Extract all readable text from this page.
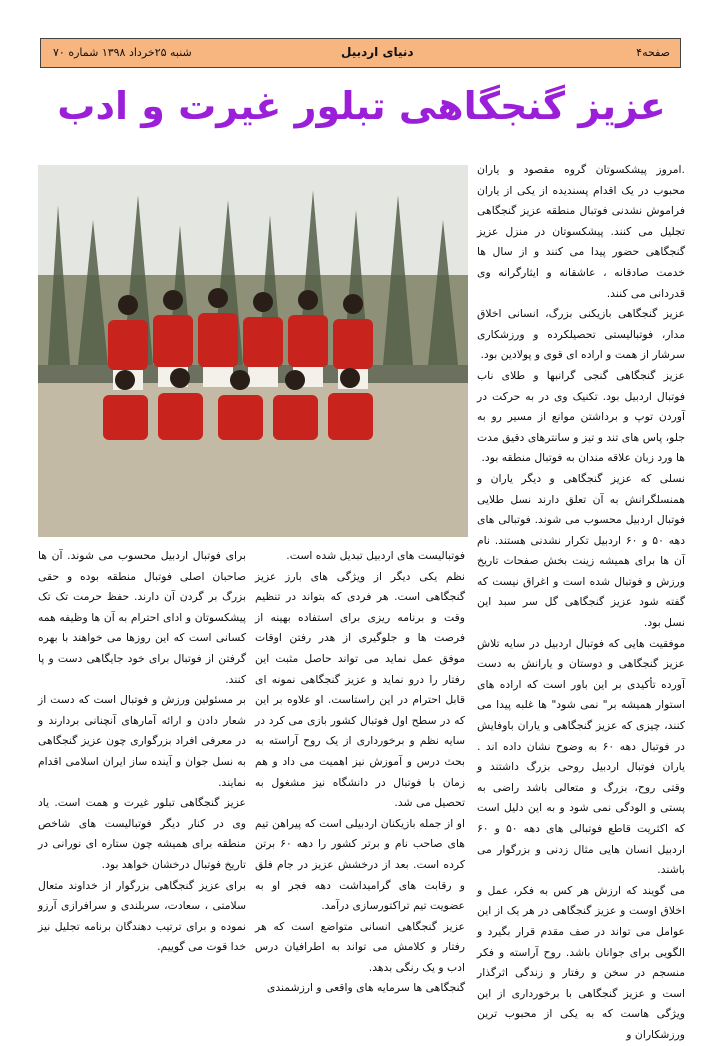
شنبه ۲۵خرداد ۱۳۹۸ شماره ۷۰	دنیای اردبیل	صفحه۴
عزیز گنجگاهی تبلور غیرت و ادب

.امروز پیشکسوتان گروه مقصود و یاران محبوب در یک اقدام پسندیده از یکی از یاران فراموش نشدنی فوتبال منطقه عزیز گنجگاهی تجلیل می کنند. پیشکسوتان در منزل عزیز گنجگاهی حضور پیدا می کنند و از سال ها خدمت صادقانه ، عاشقانه و ایثارگرانه وی قدردانی می کنند.

عزیز گنجگاهی بازیکنی بزرگ، انسانی اخلاق مدار، فوتبالیستی تحصیلکرده و ورزشکاری سرشار از همت و اراده ای قوی و پولادین بود.

عزیز گنجگاهی گنجی گرانبها و طلای ناب فوتبال اردبیل بود. تکنیک وی در به حرکت در آوردن توپ و برداشتن موانع از مسیر رو به جلو، پاس های تند و تیز و سانترهای دقیق مدت ها ورد زبان علاقه مندان به فوتبال منطقه بود.

نسلی که عزیز گنجگاهی و دیگر یاران و همنسلگرانش به آن تعلق دارند نسل طلایی فوتبال اردبیل محسوب می شوند. فوتبالی های دهه ۵۰ و ۶۰ اردبیل تکرار نشدنی هستند. نام آن ها برای همیشه زینت بخش صفحات تاریخ ورزش و فوتبال شده است و اغراق نیست که گفته شود عزیز گنجگاهی گل سر سبد این نسل بود.

موفقیت هایی که فوتبال اردبیل در سایه تلاش عزیز گنجگاهی و دوستان و یارانش به دست آورده تأکیدی بر این باور است که اراده های استوار همیشه بر" نمی شود" ها غلبه پیدا می کنند، چیزی که عزیز گنجگاهی و یاران باوفایش در فوتبال دهه ۶۰ به وضوح نشان داده اند . یاران فوتبال اردبیل روحی بزرگ داشتند و وقتی روح، بزرگ و متعالی باشد راضی به پستی و الودگی نمی شود و به این دلیل است که اکثریت قاطع فوتبالی های دهه ۵۰ و ۶۰ اردبیل انسان هایی مثال زدنی و بزرگوار می باشند.

می گویند که ارزش هر کس به فکر، عمل و اخلاق اوست و عزیز گنجگاهی در هر یک از این عوامل می تواند در صف مقدم قرار بگیرد و الگویی برای جوانان باشد. روح آراسته و فکر منسجم در سخن و رفتار و زندگی اثرگذار است و عزیز گنجگاهی با برخورداری از این ویژگی هاست که به یکی از محبوب ترین ورزشکاران و

فوتبالیست های اردبیل تبدیل شده است.

نظم یکی دیگر از ویژگی های بارز عزیز گنجگاهی است. هر فردی که بتواند در تنظیم وقت و برنامه ریزی برای استفاده بهینه از فرصت ها و جلوگیری از هدر رفتن اوقات موفق عمل نماید می تواند حاصل مثبت این رفتار را درو نماید و عزیز گنجگاهی نمونه ای قابل احترام در این راستاست. او علاوه بر این که در سطح اول فوتبال کشور بازی می کرد در سایه نظم و برخورداری از یک روح آراسته به بحث درس و آموزش نیز اهمیت می داد و هم زمان با فوتبال در دانشگاه نیز مشغول به تحصیل می شد.

او از جمله بازیکنان اردبیلی است که پیراهن تیم های صاحب نام و برتر کشور را دهه ۶۰ برتن کرده است. بعد از درخشش عزیز در جام فلق و رقابت های گرامیداشت دهه فجر او به عضویت تیم تراکتورسازی درآمد.

عزیز گنجگاهی انسانی متواضع است که هر رفتار و کلامش می تواند به اطرافیان درس ادب و یک رنگی بدهد.

گنجگاهی ها سرمایه های واقعی و ارزشمندی

برای فوتبال اردبیل محسوب می شوند. آن ها صاحبان اصلی فوتبال منطقه بوده و حقی بزرگ بر گردن آن دارند. حفظ حرمت تک تک پیشکسوتان و ادای احترام به آن ها وظیفه همه کسانی است که این روزها می خواهند با بهره گرفتن از فوتبال برای خود جایگاهی دست و پا کنند.

بر مسئولین ورزش و فوتبال است که دست از شعار دادن و ارائه آمارهای آنچنانی بردارند و در معرفی افراد بزرگواری چون عزیز گنجگاهی به نسل جوان و آینده ساز ایران اسلامی اقدام نمایند.

عزیز گنجگاهی تبلور غیرت و همت است. یاد وی در کنار دیگر فوتبالیست های شاخص منطقه برای همیشه چون ستاره ای نورانی در تاریخ فوتبال درخشان خواهد بود.

برای عزیز گنجگاهی بزرگوار از خداوند متعال سلامتی ، سعادت، سربلندی و سرافرازی آرزو نموده و برای ترتیب دهندگان برنامه تجلیل نیز خدا قوت می گوییم.
